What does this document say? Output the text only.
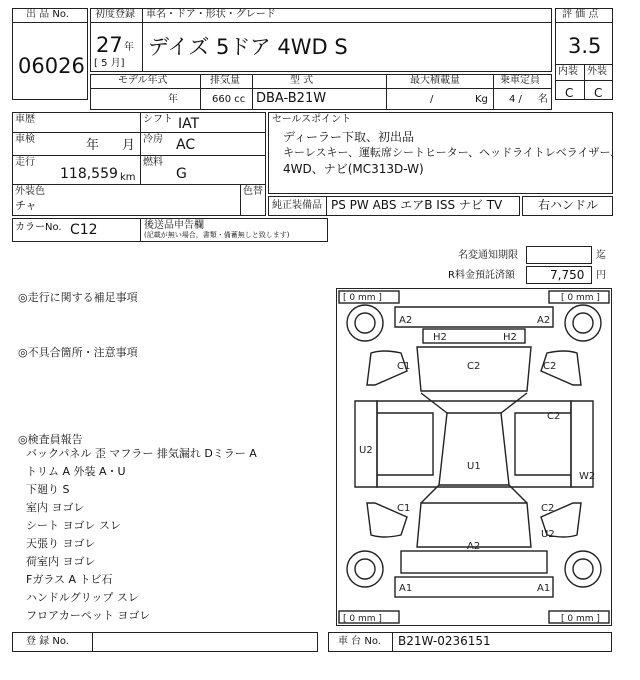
出 品 No.
06026
初度登録 車名・ドア・形状・グレード
27 年
[ 5 月]
デイズ 5ドア 4WD S
評 価 点
3.5
内装 外装
C C
モデル年式
年
排気量
660 cc
型 式
DBA-B21W
最大積載量
/	Kg
乗車定員
4 / 名
車歴	シフト IAT
車検	年 月 冷房 AC
走行
118,559 km
燃料
G
外装色
チャ
色替
カラーNo. C12	後送品申告欄
(記載が無い場合，書類・備蓄無しと致します)
セールスポイント
ディーラー下取、初出品
キーレスキー、運転席シートヒーター、ヘッドライトレベライザー、
4WD、ナビ(MC313D-W)
純正装備品 PS PW ABS エアB ISS ナビ TV	右ハンドル
名変通知期限	迄
R料金預託済額	7,750 円
◎走行に関する補足事項
◎不具合箇所・注意事項
◎検査員報告
バックパネル 歪 マフラー 排気漏れ Dミラー A
トリム A 外装 A・U
下廻り S
室内 ヨゴレ
シート ヨゴレ スレ
天張り ヨゴレ
荷室内 ヨゴレ
Fガラス A トビ石
ハンドルグリップ スレ
フロアカーペット ヨゴレ
[ 0 mm ]	[ 0 mm ]
[ 0 mm ]	[ 0 mm ]
A2	A2
H2	H2
C1	C2	C2
C2
U2
U1
W2
C1	C2
U2
A2
A1	A1
登 録 No.	車 台 No. B21W-0236151
